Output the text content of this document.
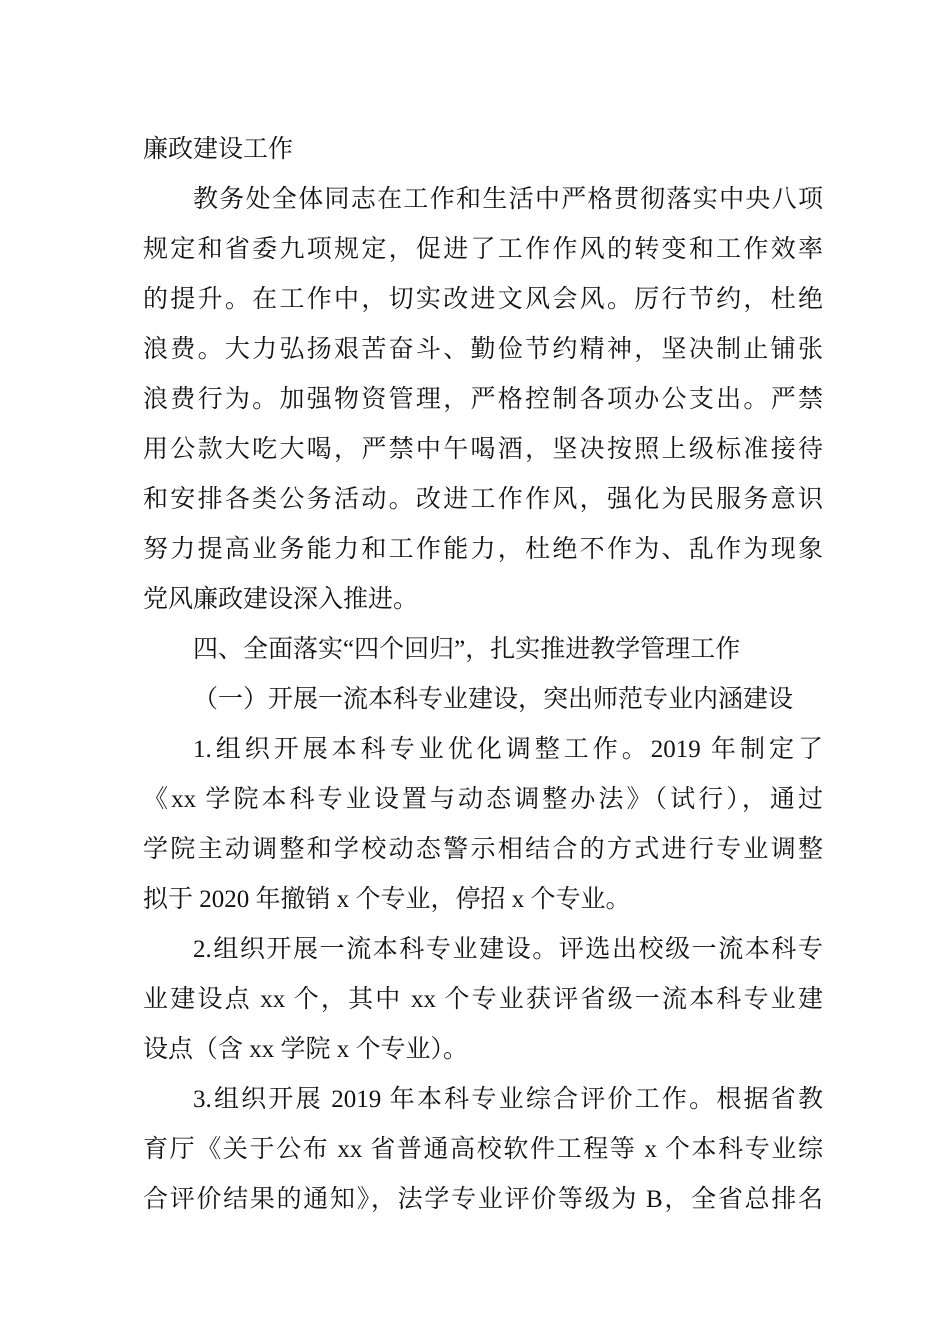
廉政建设工作
教务处全体同志在工作和生活中严格贯彻落实中央八项
规定和省委九项规定，促进了工作作风的转变和工作效率
的提升。在工作中，切实改进文风会风。厉行节约，杜绝
浪费。大力弘扬艰苦奋斗、勤俭节约精神，坚决制止铺张
浪费行为。加强物资管理，严格控制各项办公支出。严禁
用公款大吃大喝，严禁中午喝酒，坚决按照上级标准接待
和安排各类公务活动。改进工作作风，强化为民服务意识
努力提高业务能力和工作能力，杜绝不作为、乱作为现象
党风廉政建设深入推进。
四、全面落实“四个回归”，扎实推进教学管理工作
（一）开展一流本科专业建设，突出师范专业内涵建设
1.组织开展本科专业优化调整工作。2019 年制定了
《xx 学院本科专业设置与动态调整办法》（试行），通过
学院主动调整和学校动态警示相结合的方式进行专业调整
拟于 2020 年撤销 x 个专业，停招 x 个专业。
2.组织开展一流本科专业建设。评选出校级一流本科专
业建设点 xx 个，其中 xx 个专业获评省级一流本科专业建
设点（含 xx 学院 x 个专业）。
3.组织开展 2019 年本科专业综合评价工作。根据省教
育厅《关于公布 xx 省普通高校软件工程等 x 个本科专业综
合评价结果的通知》，法学专业评价等级为 B，全省总排名
